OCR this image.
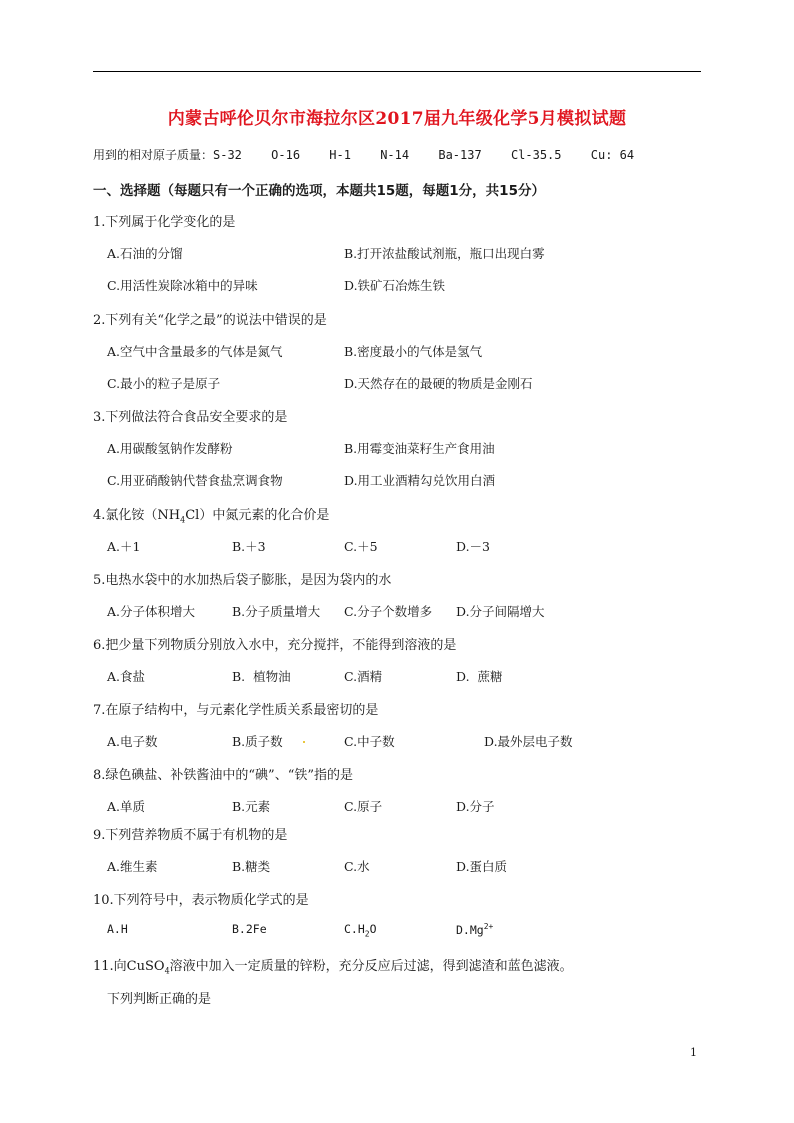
内蒙古呼伦贝尔市海拉尔区2017届九年级化学5月模拟试题
用到的相对原子质量：S-32 O-16 H-1 N-14 Ba-137 Cl-35.5 Cu: 64
一、选择题（每题只有一个正确的选项，本题共15题，每题1分，共15分）
1.下列属于化学变化的是
A.石油的分馏	B.打开浓盐酸试剂瓶，瓶口出现白雾
C.用活性炭除冰箱中的异味	D.铁矿石冶炼生铁
2.下列有关“化学之最”的说法中错误的是
A.空气中含量最多的气体是氮气	B.密度最小的气体是氢气
C.最小的粒子是原子	D.天然存在的最硬的物质是金刚石
3.下列做法符合食品安全要求的是
A.用碳酸氢钠作发酵粉	B.用霉变油菜籽生产食用油
C.用亚硝酸钠代替食盐烹调食物	D.用工业酒精勾兑饮用白酒
4.氯化铵$(NH_4Cl)$中氮元素的化合价是
A.＋1	B.＋3	C.＋5	D.－3
5.电热水袋中的水加热后袋子膨胀，是因为袋内的水
A.分子体积增大	B.分子质量增大 C.分子个数增多 D.分子间隔增大
6.把少量下列物质分别放入水中，充分搅拌，不能得到溶液的是
A.食盐	B.  植物油	C.酒精	D.  蔗糖
7.在原子结构中，与元素化学性质关系最密切的是
A.电子数	B.质子数	C.中子数	D.最外层电子数
8.绿色碘盐、补铁酱油中的“碘”、“铁”指的是
A.单质	B.元素	C.原子	D.分子
9.下列营养物质不属于有机物的是
A.维生素	B.糖类	C.水	D.蛋白质
10.下列符号中，表示物质化学式的是
A.H	B.2Fe	$C.H_2O$	$D.Mg^{2+}$
11.向CuSO$_4$溶液中加入一定质量的锌粉，充分反应后过滤，得到滤渣和蓝色滤液。
下列判断正确的是
1
